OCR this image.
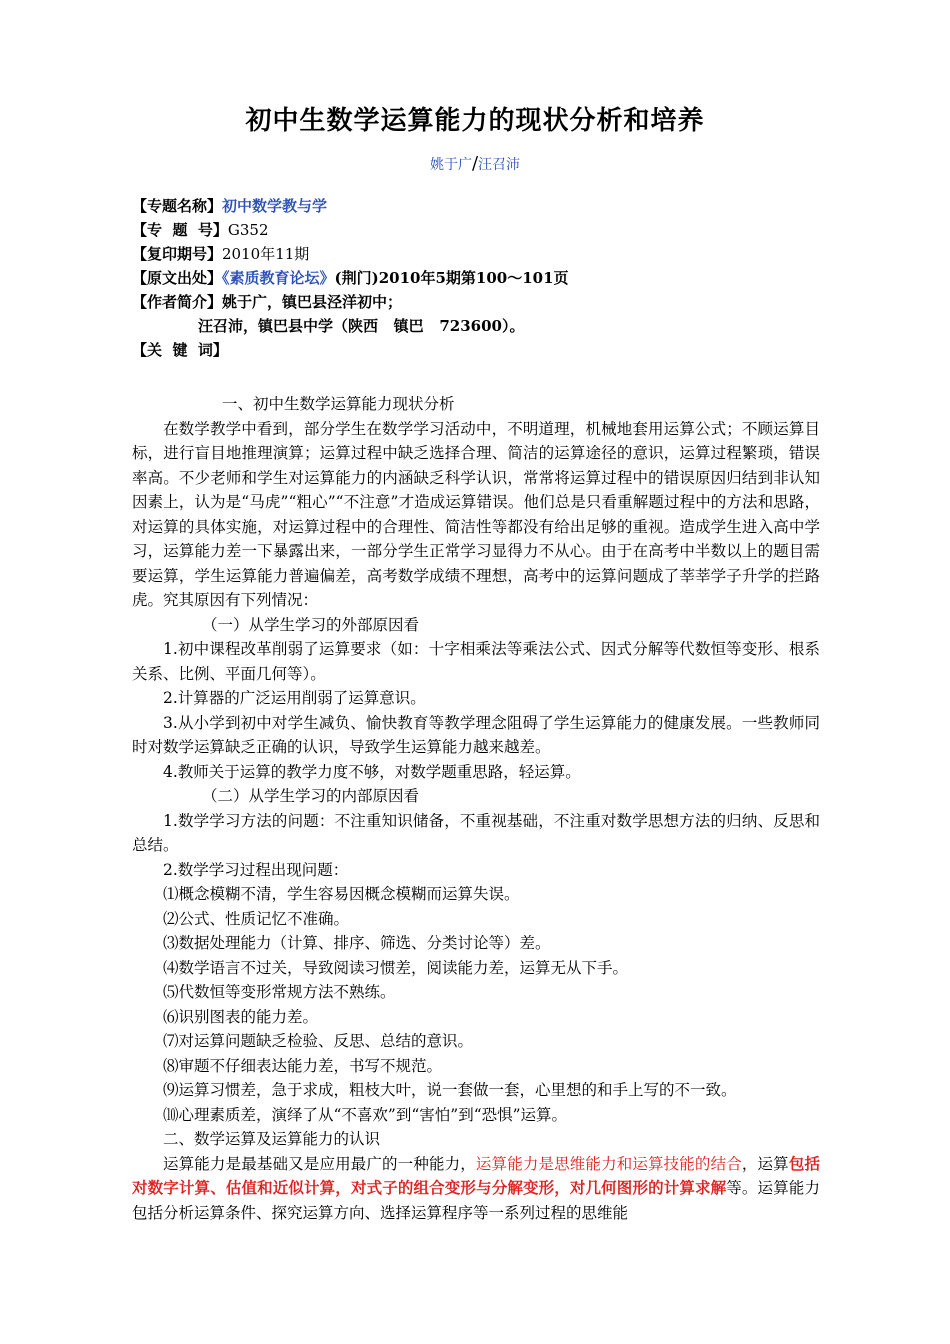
初中生数学运算能力的现状分析和培养
姚于广/汪召沛
【专题名称】初中数学教与学
【专  题  号】G352
【复印期号】2010年11期
【原文出处】《素质教育论坛》(荆门)2010年5期第100～101页
【作者简介】姚于广，镇巴县泾洋初中；
汪召沛，镇巴县中学（陕西   镇巴   723600）。
【关  键  词】
一、初中生数学运算能力现状分析
在数学教学中看到，部分学生在数学学习活动中，不明道理，机械地套用运算公式；不顾运算目标，进行盲目地推理演算；运算过程中缺乏选择合理、简洁的运算途径的意识，运算过程繁琐，错误率高。不少老师和学生对运算能力的内涵缺乏科学认识，常常将运算过程中的错误原因归结到非认知因素上，认为是“马虎”“粗心”“不注意”才造成运算错误。他们总是只看重解题过程中的方法和思路，对运算的具体实施，对运算过程中的合理性、简洁性等都没有给出足够的重视。造成学生进入高中学习，运算能力差一下暴露出来，一部分学生正常学习显得力不从心。由于在高考中半数以上的题目需要运算，学生运算能力普遍偏差，高考数学成绩不理想，高考中的运算问题成了莘莘学子升学的拦路虎。究其原因有下列情况：
（一）从学生学习的外部原因看
1.初中课程改革削弱了运算要求（如：十字相乘法等乘法公式、因式分解等代数恒等变形、根系关系、比例、平面几何等）。
2.计算器的广泛运用削弱了运算意识。
3.从小学到初中对学生减负、愉快教育等教学理念阻碍了学生运算能力的健康发展。一些教师同时对数学运算缺乏正确的认识，导致学生运算能力越来越差。
4.教师关于运算的教学力度不够，对数学题重思路，轻运算。
（二）从学生学习的内部原因看
1.数学学习方法的问题：不注重知识储备，不重视基础，不注重对数学思想方法的归纳、反思和总结。
2.数学学习过程出现问题：
⑴概念模糊不清，学生容易因概念模糊而运算失误。
⑵公式、性质记忆不准确。
⑶数据处理能力（计算、排序、筛选、分类讨论等）差。
⑷数学语言不过关，导致阅读习惯差，阅读能力差，运算无从下手。
⑸代数恒等变形常规方法不熟练。
⑹识别图表的能力差。
⑺对运算问题缺乏检验、反思、总结的意识。
⑻审题不仔细表达能力差，书写不规范。
⑼运算习惯差，急于求成，粗枝大叶，说一套做一套，心里想的和手上写的不一致。
⑽心理素质差，演绎了从“不喜欢”到“害怕”到“恐惧”运算。
二、数学运算及运算能力的认识
运算能力是最基础又是应用最广的一种能力，运算能力是思维能力和运算技能的结合，运算包括对数字计算、估值和近似计算，对式子的组合变形与分解变形，对几何图形的计算求解等。运算能力包括分析运算条件、探究运算方向、选择运算程序等一系列过程的思维能
